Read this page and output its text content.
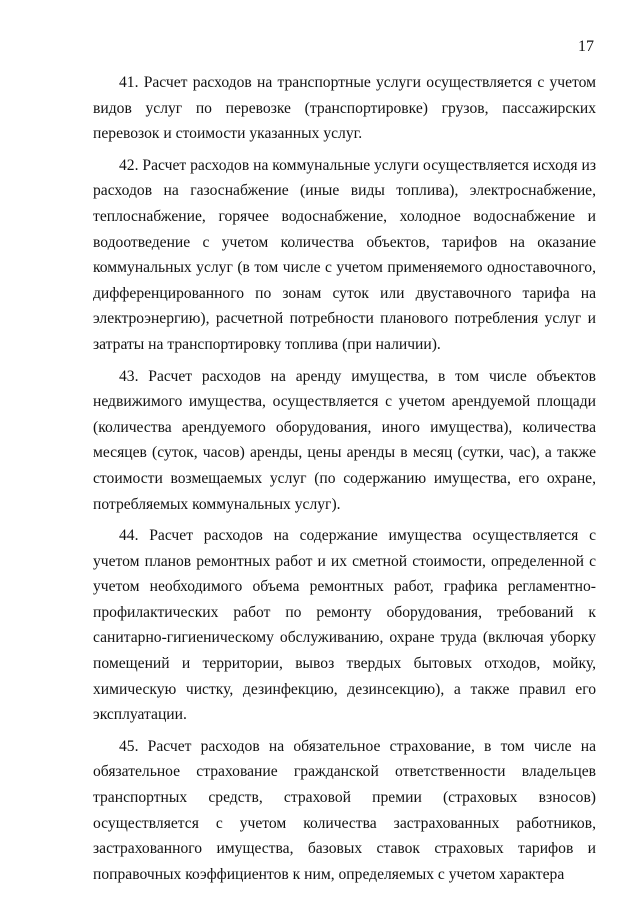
17

41. Расчет расходов на транспортные услуги осуществляется с учетом видов услуг по перевозке (транспортировке) грузов, пассажирских перевозок и стоимости указанных услуг.

42. Расчет расходов на коммунальные услуги осуществляется исходя из расходов на газоснабжение (иные виды топлива), электроснабжение, теплоснабжение, горячее водоснабжение, холодное водоснабжение и водоотведение с учетом количества объектов, тарифов на оказание коммунальных услуг (в том числе с учетом применяемого одноставочного, дифференцированного по зонам суток или двуставочного тарифа на электроэнергию), расчетной потребности планового потребления услуг и затраты на транспортировку топлива (при наличии).

43. Расчет расходов на аренду имущества, в том числе объектов недвижимого имущества, осуществляется с учетом арендуемой площади (количества арендуемого оборудования, иного имущества), количества месяцев (суток, часов) аренды, цены аренды в месяц (сутки, час), а также стоимости возмещаемых услуг (по содержанию имущества, его охране, потребляемых коммунальных услуг).

44. Расчет расходов на содержание имущества осуществляется с учетом планов ремонтных работ и их сметной стоимости, определенной с учетом необходимого объема ремонтных работ, графика регламентно-профилактических работ по ремонту оборудования, требований к санитарно-гигиеническому обслуживанию, охране труда (включая уборку помещений и территории, вывоз твердых бытовых отходов, мойку, химическую чистку, дезинфекцию, дезинсекцию), а также правил его эксплуатации.

45. Расчет расходов на обязательное страхование, в том числе на обязательное страхование гражданской ответственности владельцев транспортных средств, страховой премии (страховых взносов) осуществляется с учетом количества застрахованных работников, застрахованного имущества, базовых ставок страховых тарифов и поправочных коэффициентов к ним, определяемых с учетом характера
